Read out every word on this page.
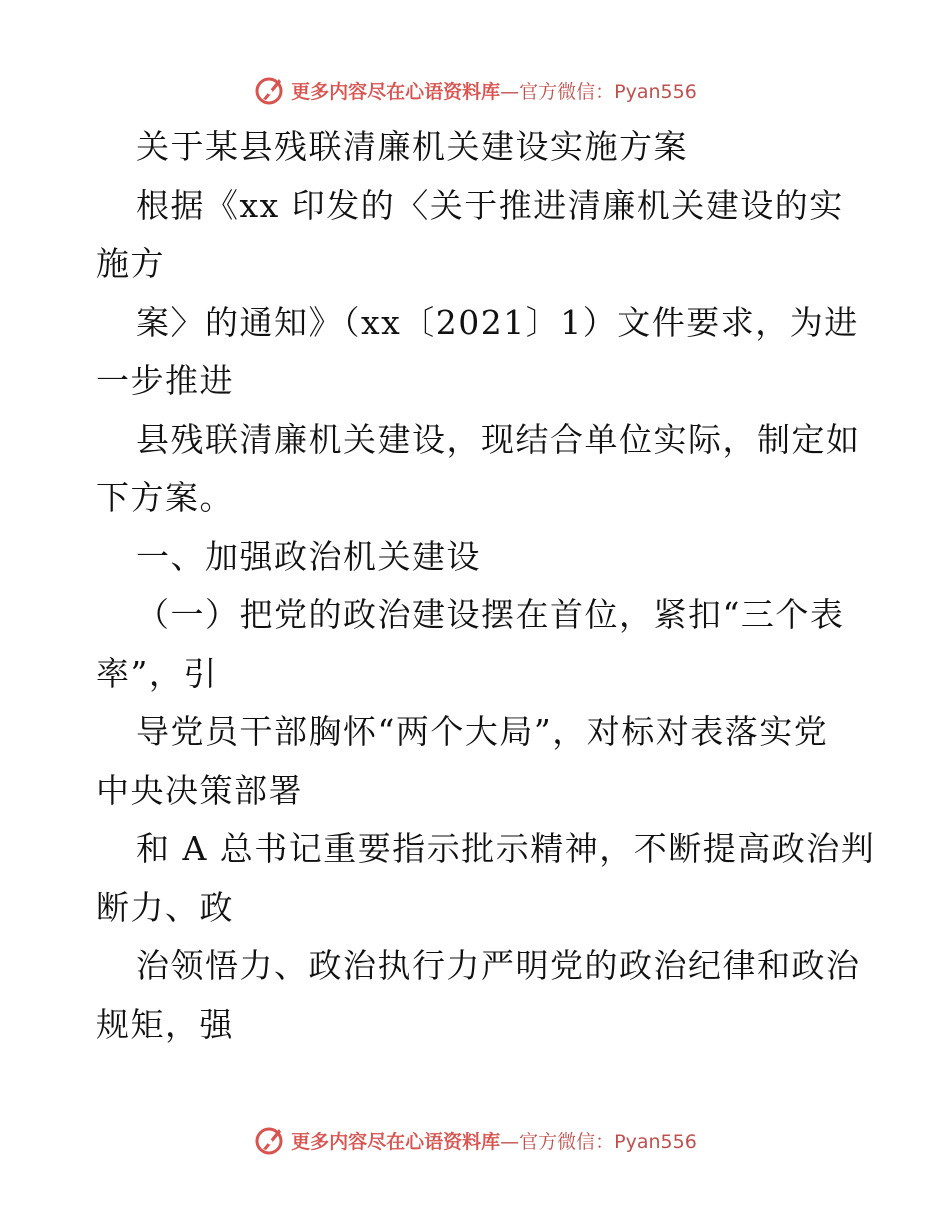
更多内容尽在心语资料库 —官方微信：Pyan556
关于某县残联清廉机关建设实施方案
根据《xx 印发的〈关于推进清廉机关建设的实
施方
案〉的通知》（xx〔2021〕1）文件要求，为进
一步推进
县残联清廉机关建设，现结合单位实际，制定如
下方案。
一、加强政治机关建设
（一）把党的政治建设摆在首位，紧扣“三个表
率”，引
导党员干部胸怀“两个大局”，对标对表落实党
中央决策部署
和 A 总书记重要指示批示精神，不断提高政治判
断力、政
治领悟力、政治执行力严明党的政治纪律和政治
规矩，强
更多内容尽在心语资料库 —官方微信：Pyan556
